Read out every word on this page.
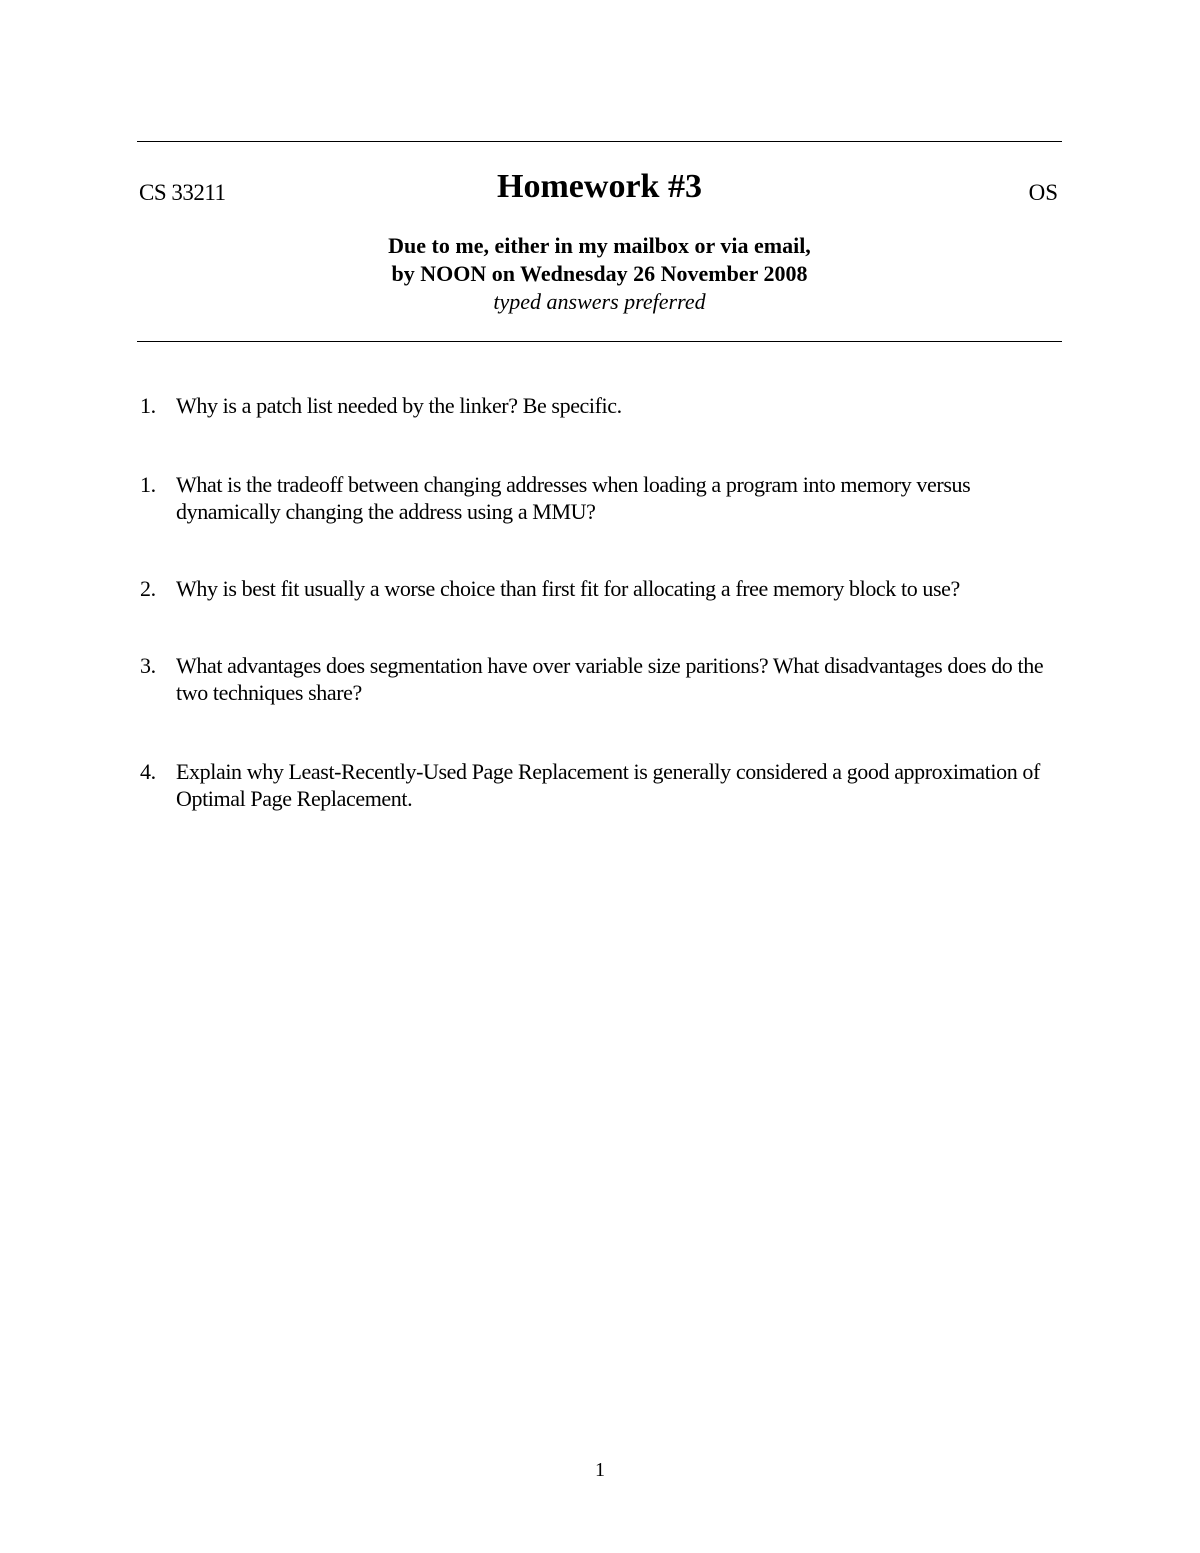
CS 33211	Homework #3	OS
Due to me, either in my mailbox or via email,
by NOON on Wednesday 26 November 2008
typed answers preferred
1. Why is a patch list needed by the linker? Be specific.
1. What is the tradeoff between changing addresses when loading a program into memory versus dynamically changing the address using a MMU?
2. Why is best fit usually a worse choice than first fit for allocating a free memory block to use?
3. What advantages does segmentation have over variable size paritions? What disadvantages does do the two techniques share?
4. Explain why Least-Recently-Used Page Replacement is generally considered a good approximation of Optimal Page Replacement.
1
